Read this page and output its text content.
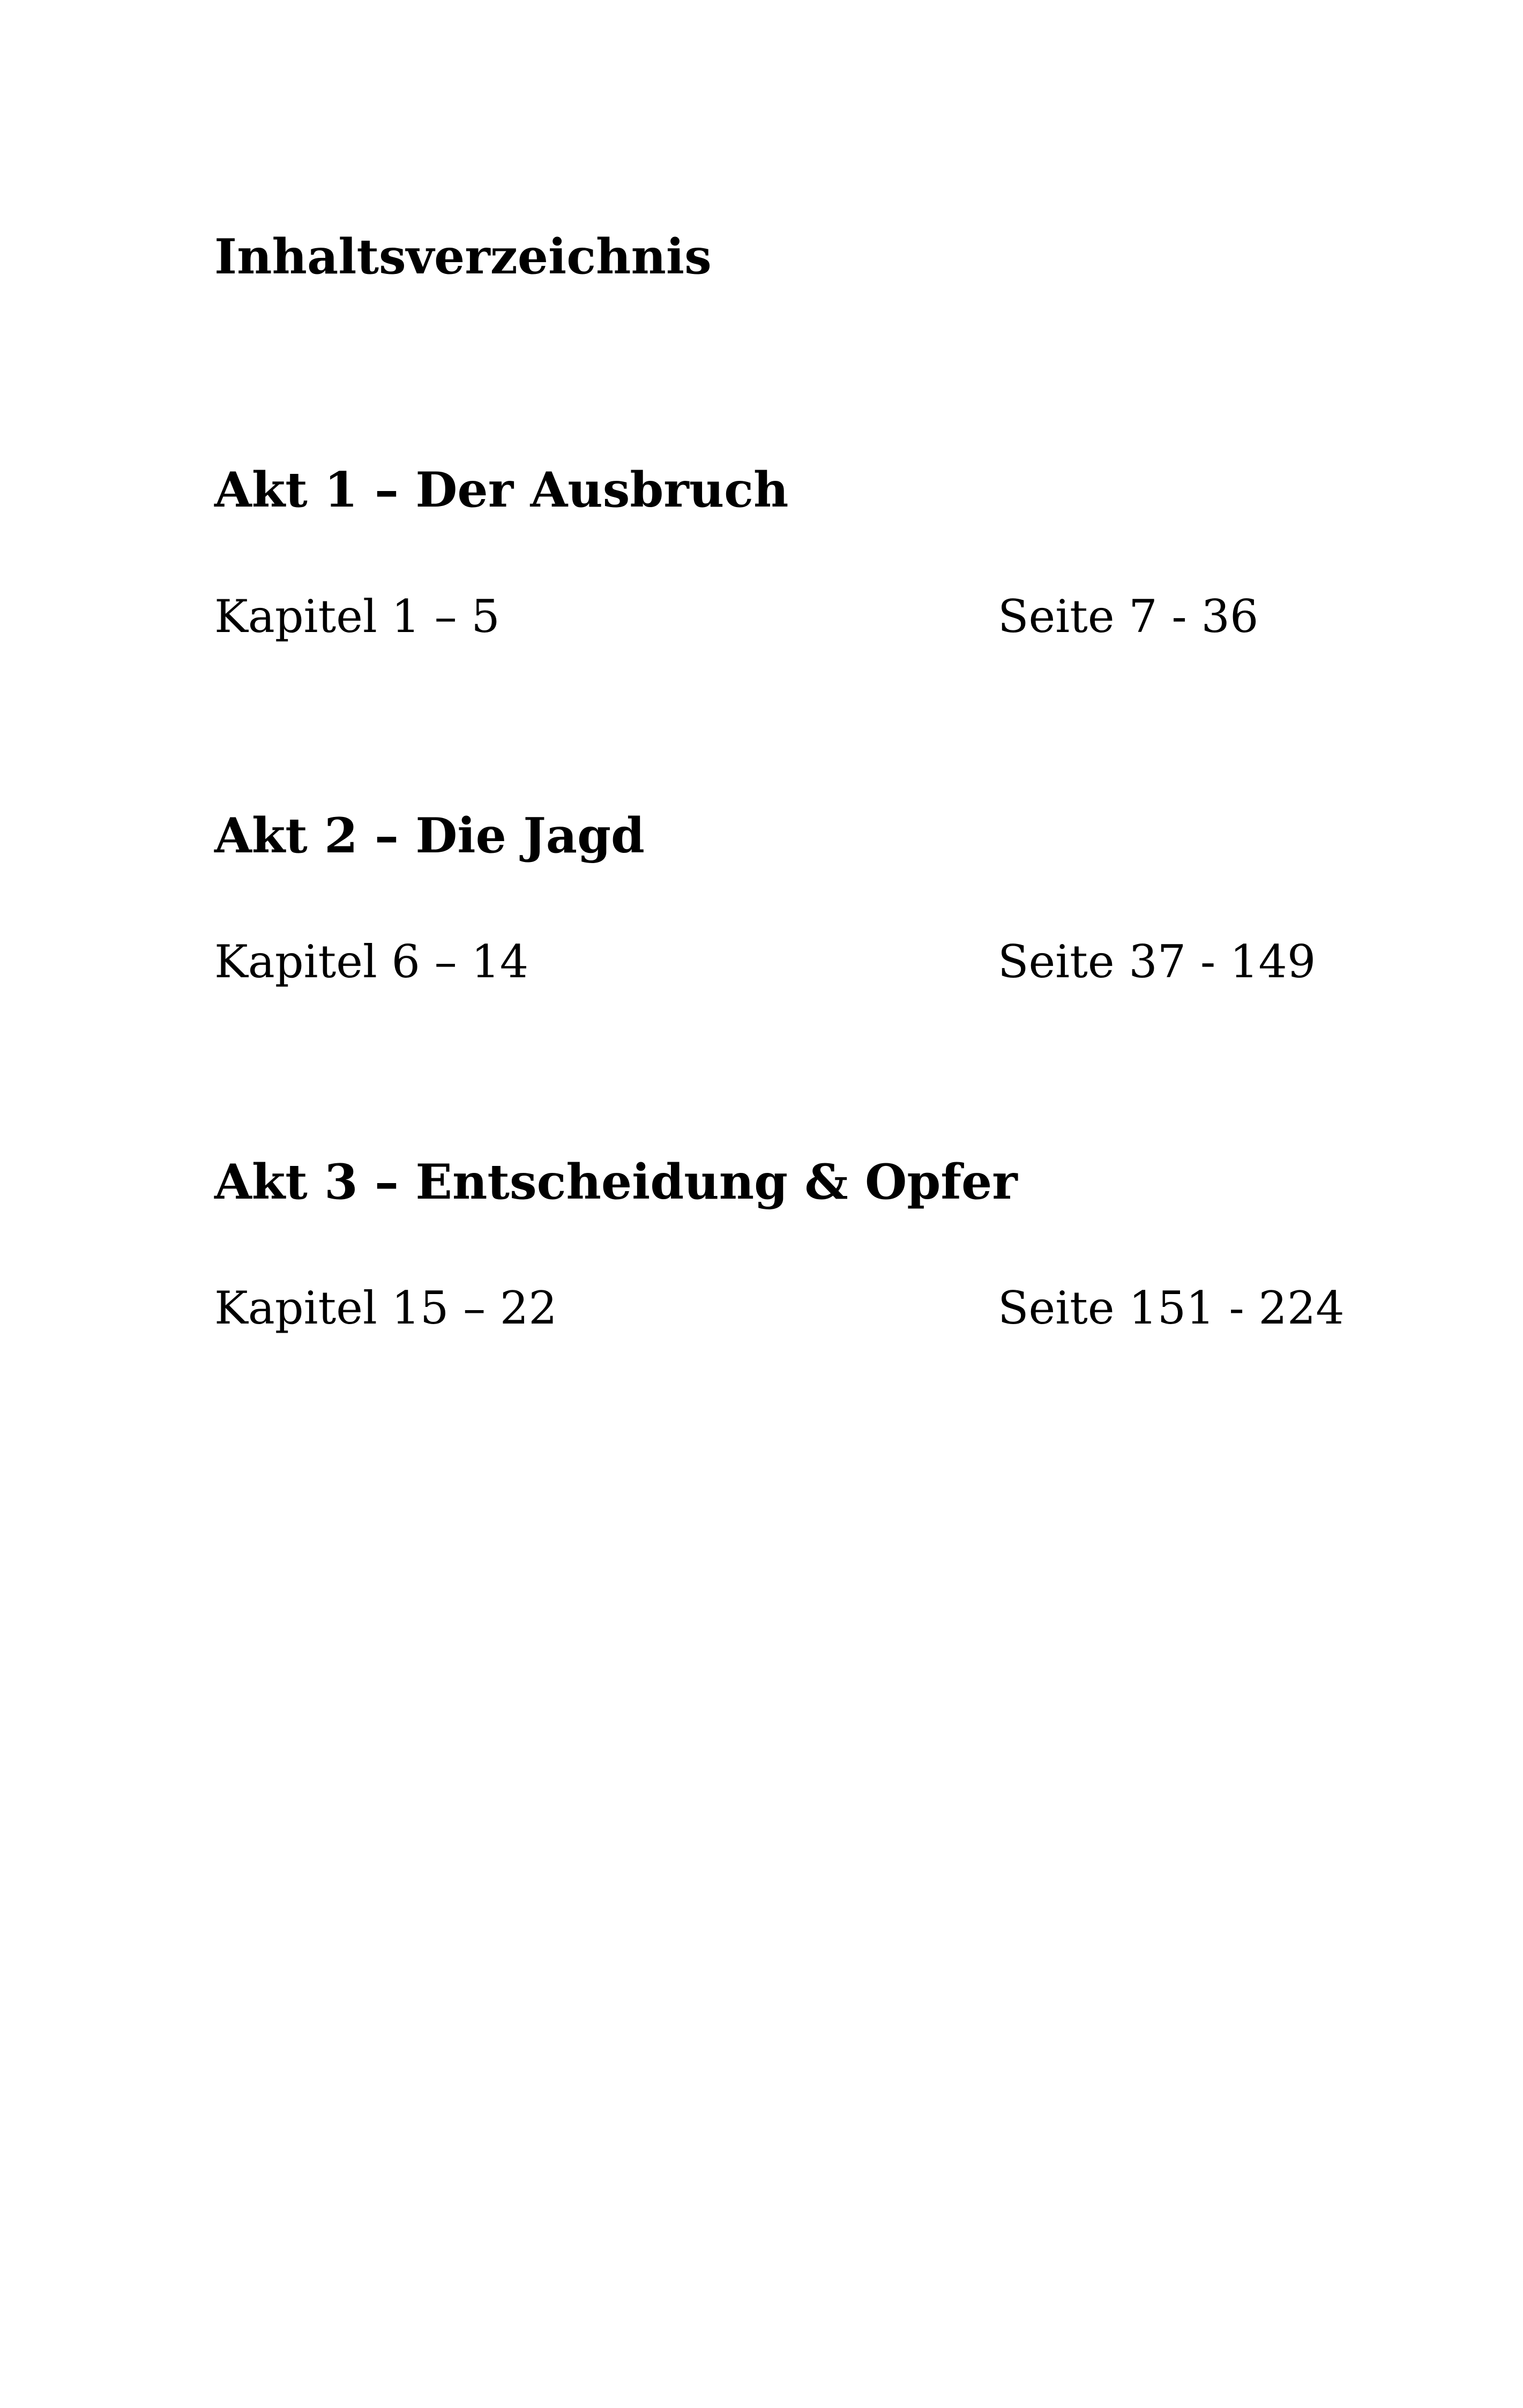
Inhaltsverzeichnis
Akt 1 – Der Ausbruch
Kapitel 1 – 5	Seite 7 - 36
Akt 2 – Die Jagd
Kapitel 6 – 14	Seite 37 - 149
Akt 3 – Entscheidung & Opfer
Kapitel 15 – 22	Seite 151 - 224
